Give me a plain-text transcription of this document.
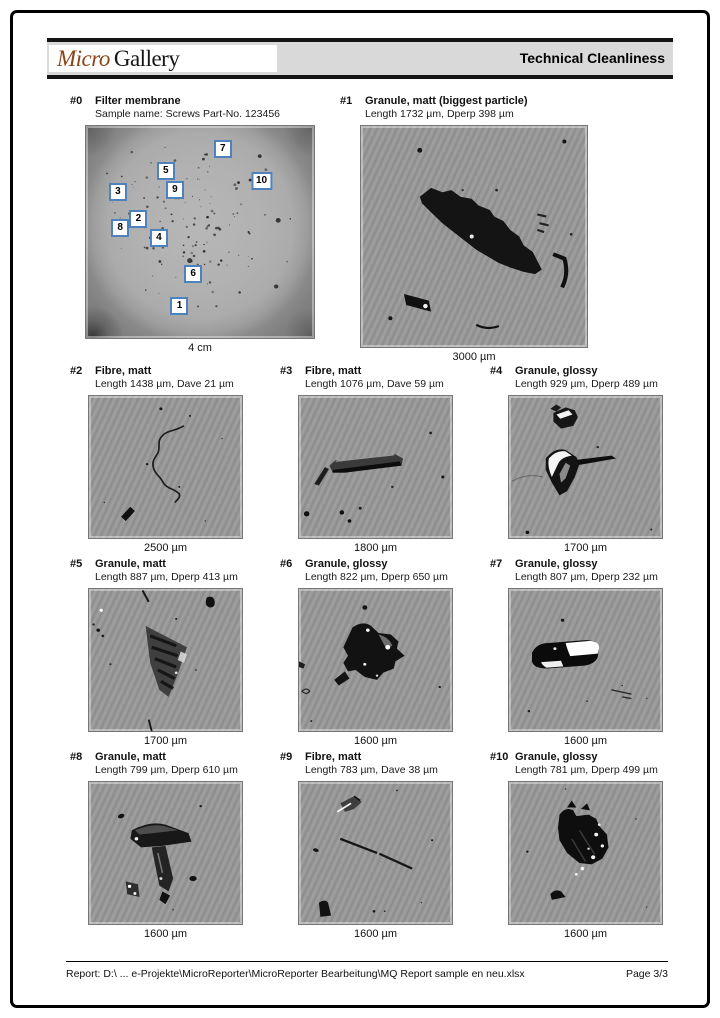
Micro Gallery	Technical Cleanliness
#0	Filter membrane
Sample name: Screws Part-No. 123456
7
5
10
3	9
2
8
4
6
1
4 cm
#1	Granule, matt (biggest particle)
Length 1732 µm, Dperp 398 µm
3000 µm
#2	Fibre, matt
Length 1438 µm, Dave 21 µm
2500 µm
#3	Fibre, matt
Length 1076 µm, Dave 59 µm
1800 µm
#4	Granule, glossy
Length 929 µm, Dperp 489 µm
1700 µm
#5	Granule, matt
Length 887 µm, Dperp 413 µm
1700 µm
#6	Granule, glossy
Length 822 µm, Dperp 650 µm
1600 µm
#7	Granule, glossy
Length 807 µm, Dperp 232 µm
1600 µm
#8	Granule, matt
Length 799 µm, Dperp 610 µm
1600 µm
#9	Fibre, matt
Length 783 µm, Dave 38 µm
1600 µm
#10 Granule, glossy
Length 781 µm, Dperp 499 µm
1600 µm
Report: D:\ ... e-Projekte\MicroReporter\MicroReporter Bearbeitung\MQ Report sample en neu.xlsx	Page 3/3
